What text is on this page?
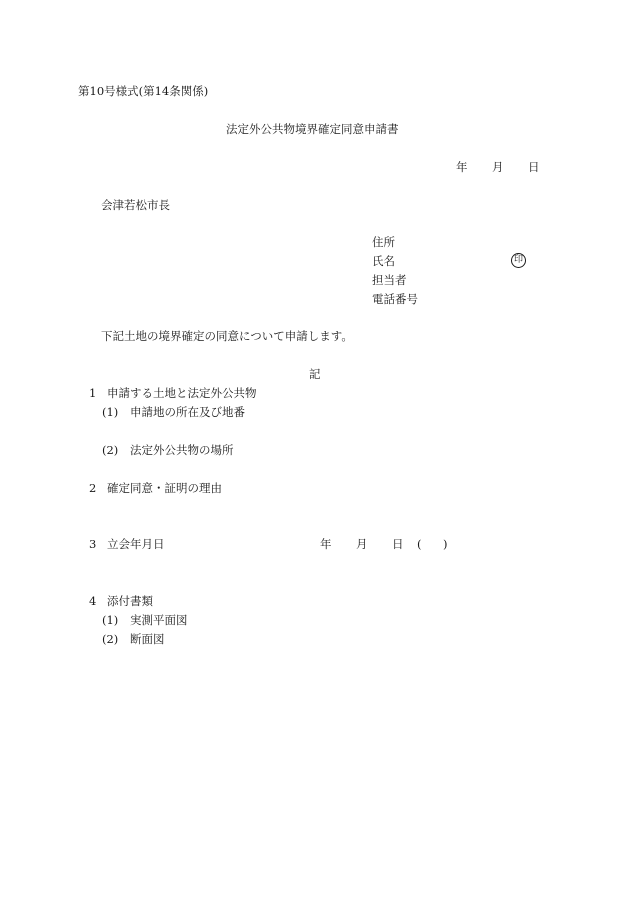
第10号様式(第14条関係)
法定外公共物境界確定同意申請書
年 月 日
会津若松市長
住所
氏名	印
担当者
電話番号
下記土地の境界確定の同意について申請します。
記
1 申請する土地と法定外公共物
(1) 申請地の所在及び地番
(2) 法定外公共物の場所
2 確定同意・証明の理由
3 立会年月日	年 月 日 ( )
4 添付書類
(1) 実測平面図
(2) 断面図
